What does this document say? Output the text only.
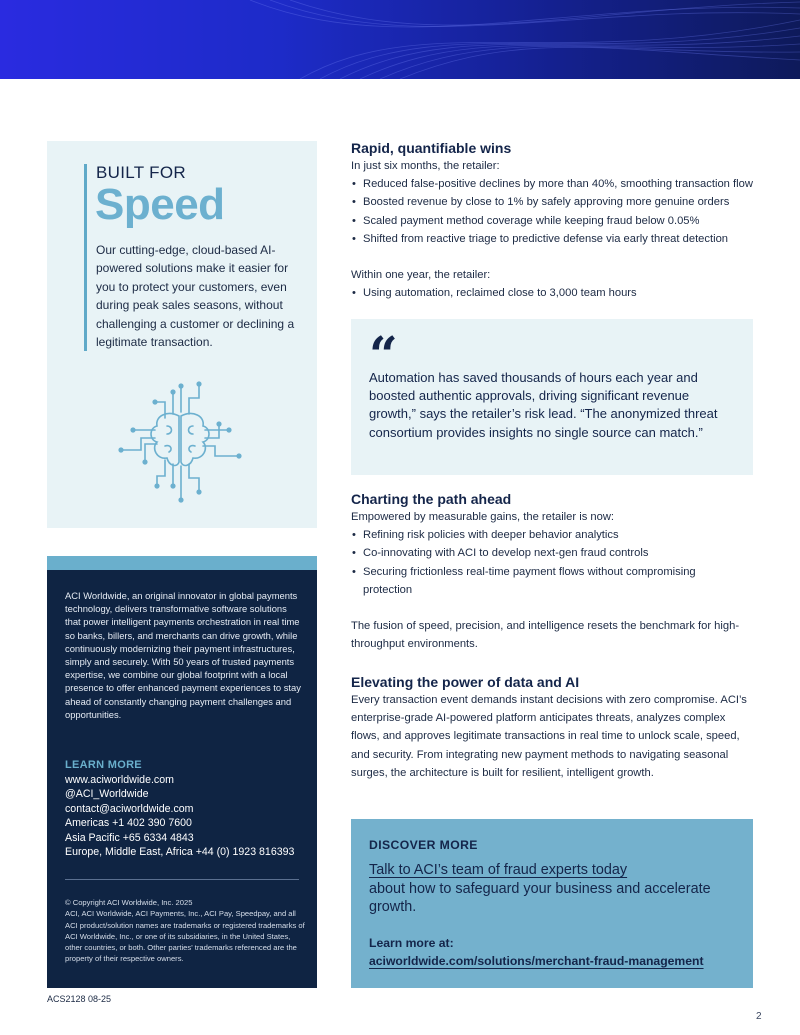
BUILT FOR
Speed
Our cutting-edge, cloud-based AI-powered solutions make it easier for you to protect your customers, even during peak sales seasons, without challenging a customer or declining a legitimate transaction.
ACI Worldwide, an original innovator in global payments technology, delivers transformative software solutions that power intelligent payments orchestration in real time so banks, billers, and merchants can drive growth, while continuously modernizing their payment infrastructures, simply and securely. With 50 years of trusted payments expertise, we combine our global footprint with a local presence to offer enhanced payment experiences to stay ahead of constantly changing payment challenges and opportunities.
LEARN MORE
www.aciworldwide.com
@ACI_Worldwide
contact@aciworldwide.com
Americas +1 402 390 7600
Asia Pacific +65 6334 4843
Europe, Middle East, Africa +44 (0) 1923 816393
© Copyright ACI Worldwide, Inc. 2025
ACI, ACI Worldwide, ACI Payments, Inc., ACI Pay, Speedpay, and all ACI product/solution names are trademarks or registered trademarks of ACI Worldwide, Inc., or one of its subsidiaries, in the United States, other countries, or both. Other parties' trademarks referenced are the property of their respective owners.
ACS2128 08-25
2
Rapid, quantifiable wins
In just six months, the retailer:
• Reduced false-positive declines by more than 40%, smoothing transaction flow
• Boosted revenue by close to 1% by safely approving more genuine orders
• Scaled payment method coverage while keeping fraud below 0.05%
• Shifted from reactive triage to predictive defense via early threat detection
Within one year, the retailer:
• Using automation, reclaimed close to 3,000 team hours
“
Automation has saved thousands of hours each year and boosted authentic approvals, driving significant revenue growth,” says the retailer’s risk lead. “The anonymized threat consortium provides insights no single source can match.”
Charting the path ahead
Empowered by measurable gains, the retailer is now:
• Refining risk policies with deeper behavior analytics
• Co-innovating with ACI to develop next-gen fraud controls
• Securing frictionless real-time payment flows without compromising protection
The fusion of speed, precision, and intelligence resets the benchmark for high-throughput environments.
Elevating the power of data and AI
Every transaction event demands instant decisions with zero compromise. ACI’s enterprise-grade AI-powered platform anticipates threats, analyzes complex flows, and approves legitimate transactions in real time to unlock scale, speed, and security. From integrating new payment methods to navigating seasonal surges, the architecture is built for resilient, intelligent growth.
DISCOVER MORE
Talk to ACI’s team of fraud experts today
about how to safeguard your business and accelerate growth.
Learn more at:
aciworldwide.com/solutions/merchant-fraud-management
